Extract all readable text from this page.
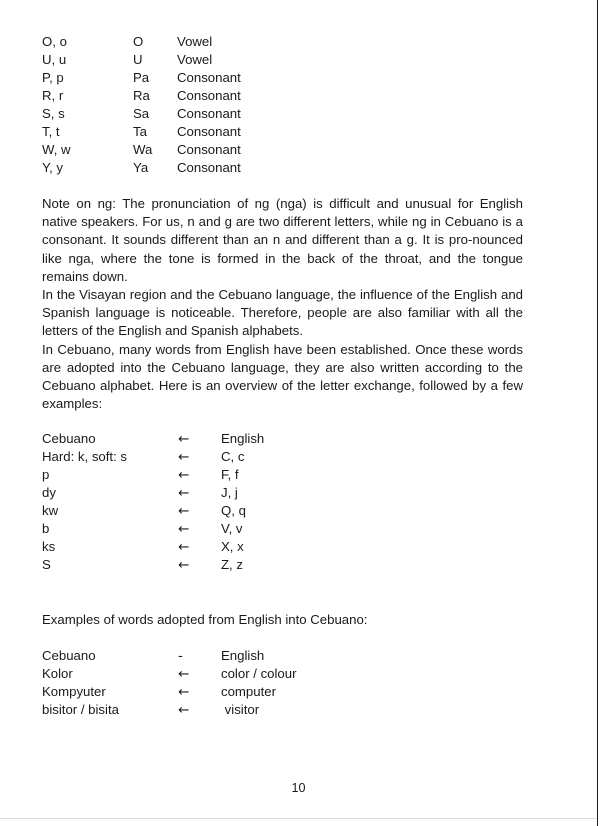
O, o	O	Vowel
U, u	U	Vowel
P, p	Pa	Consonant
R, r	Ra	Consonant
S, s	Sa	Consonant
T, t	Ta	Consonant
W, w	Wa	Consonant
Y, y	Ya	Consonant

Note on ng: The pronunciation of ng (nga) is difficult and unusual for English native speakers. For us, n and g are two different letters, while ng in Cebuano is a consonant. It sounds different than an n and different than a g. It is pro-nounced like nga, where the tone is formed in the back of the throat, and the tongue remains down.

In the Visayan region and the Cebuano language, the influence of the English and Spanish language is noticeable. Therefore, people are also familiar with all the letters of the English and Spanish alphabets.

In Cebuano, many words from English have been established. Once these words are adopted into the Cebuano language, they are also written according to the Cebuano alphabet. Here is an overview of the letter exchange, followed by a few examples:

Cebuano	←	English
Hard: k, soft: s	←	C, c
p	←	F, f
dy	←	J, j
kw	←	Q, q
b	←	V, v
ks	←	X, x
S	←	Z, z
Examples of words adopted from English into Cebuano:
Cebuano	-	English
Kolor	←	color / colour
Kompyuter	←	computer
bisitor / bisita	←	visitor
10
